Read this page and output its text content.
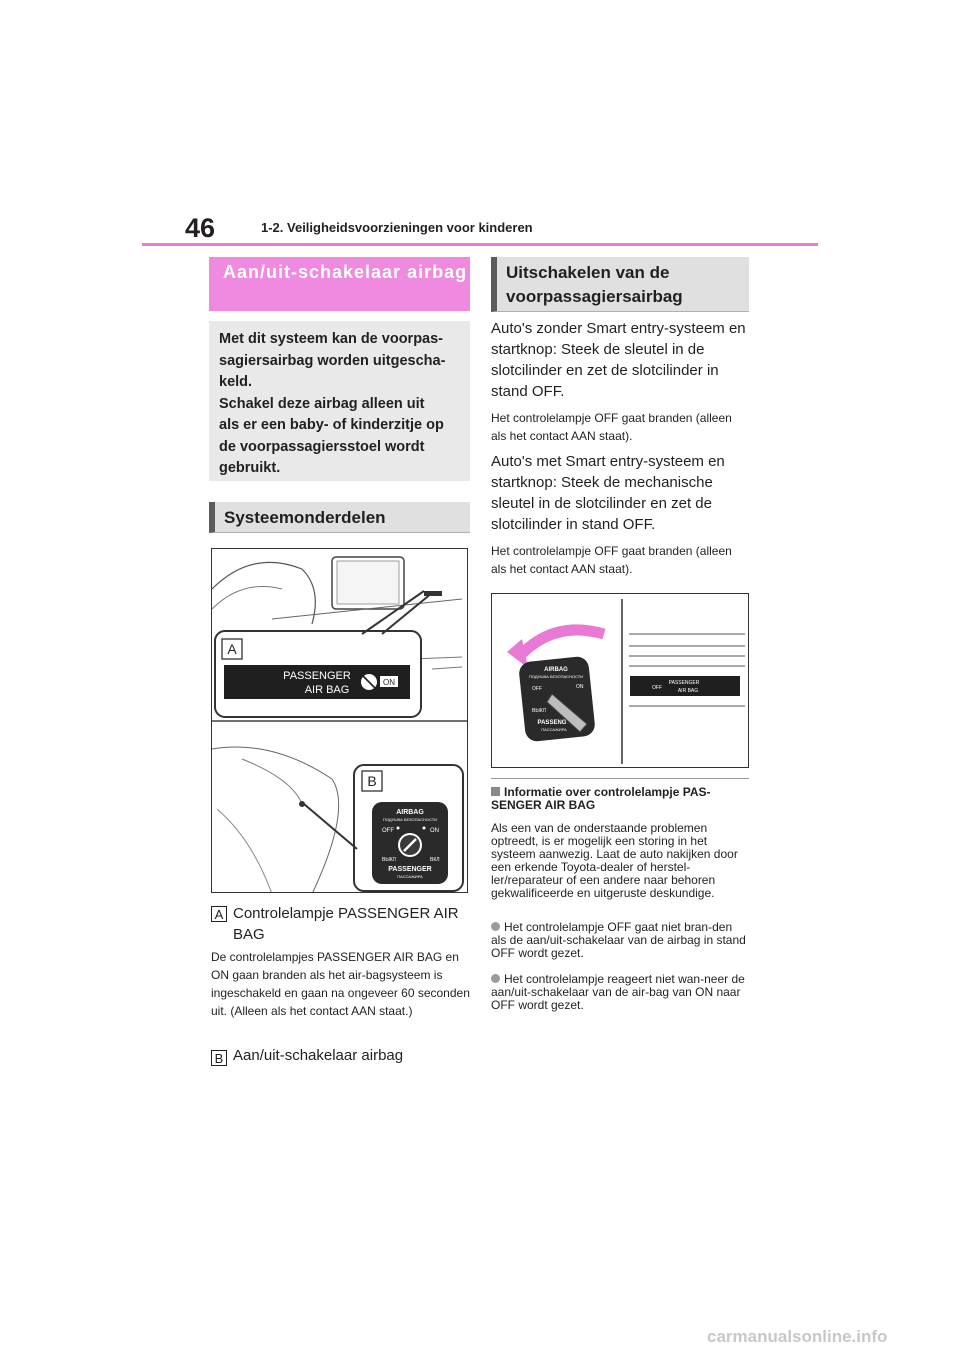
46	1-2. Veiligheidsvoorzieningen voor kinderen
Aan/uit-schakelaar airbag
Met dit systeem kan de voorpas-
sagiersairbag worden uitgescha-
keld.
Schakel deze airbag alleen uit
als er een baby- of kinderzitje op
de voorpassagiersstoel wordt
gebruikt.
Systeemonderdelen
A
PASSENGER
AIR BAG
ON
B
AIRBAG
ПОДУШКА БЕЗОПАСНОСТИ
OFF	ON
ВЫКЛ	ВКЛ
PASSENGER
ПАССАЖИРА
A Controlelampje PASSENGER AIR BAG
De controlelampjes PASSENGER AIR BAG en ON gaan branden als het air-bagsysteem is ingeschakeld en gaan na ongeveer 60 seconden uit. (Alleen als het contact AAN staat.)
B Aan/uit-schakelaar airbag
Uitschakelen van de voorpassagiersairbag
Auto's zonder Smart entry-systeem en startknop: Steek de sleutel in de slotcilinder en zet de slotcilinder in stand OFF.
Het controlelampje OFF gaat branden (alleen als het contact AAN staat).
Auto's met Smart entry-systeem en startknop: Steek de mechanische sleutel in de slotcilinder en zet de slotcilinder in stand OFF.
Het controlelampje OFF gaat branden (alleen als het contact AAN staat).
AIRBAG
ПОДУШКА БЕЗОПАСНОСТИ
OFF	ON
ВЫКЛ
PASSENG
ПАССАЖИРА
OFF
PASSENGER
AIR BAG
Informatie over controlelampje PAS-SENGER AIR BAG
Als een van de onderstaande problemen optreedt, is er mogelijk een storing in het systeem aanwezig. Laat de auto nakijken door een erkende Toyota-dealer of herstel-ler/reparateur of een andere naar behoren gekwalificeerde en uitgeruste deskundige.
Het controlelampje OFF gaat niet bran-den als de aan/uit-schakelaar van de airbag in stand OFF wordt gezet.
Het controlelampje reageert niet wan-neer de aan/uit-schakelaar van de air-bag van ON naar OFF wordt gezet.
carmanualsonline.info
